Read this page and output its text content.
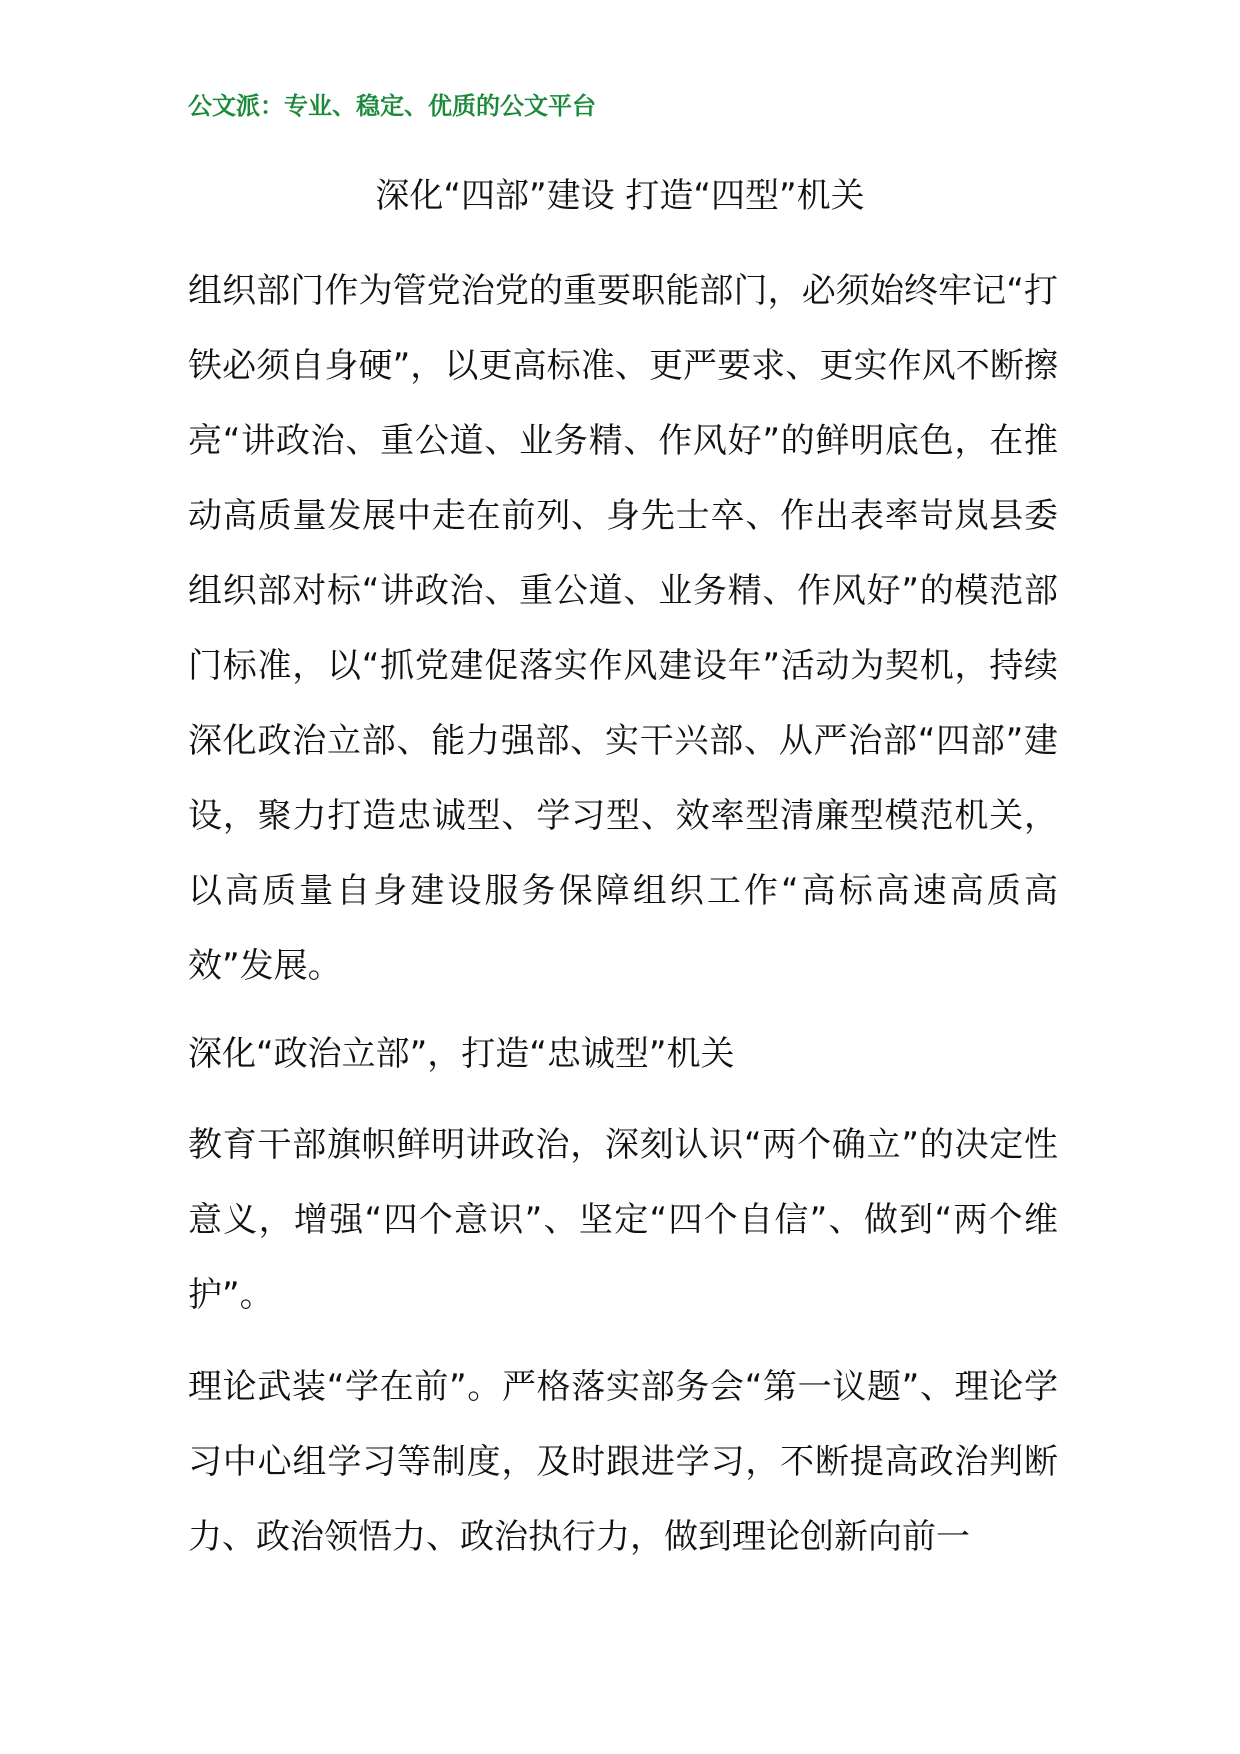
公文派：专业、稳定、优质的公文平台
深化“四部”建设 打造“四型”机关

组织部门作为管党治党的重要职能部门，必须始终牢记“打铁必须自身硬”，以更高标准、更严要求、更实作风不断擦亮“讲政治、重公道、业务精、作风好”的鲜明底色，在推动高质量发展中走在前列、身先士卒、作出表率岢岚县委组织部对标“讲政治、重公道、业务精、作风好”的模范部门标准，以“抓党建促落实作风建设年”活动为契机，持续深化政治立部、能力强部、实干兴部、从严治部“四部”建设，聚力打造忠诚型、学习型、效率型清廉型模范机关，以高质量自身建设服务保障组织工作“高标高速高质高效”发展。

深化“政治立部”，打造“忠诚型”机关

教育干部旗帜鲜明讲政治，深刻认识“两个确立”的决定性意义，增强“四个意识”、坚定“四个自信”、做到“两个维护”。

理论武装“学在前”。严格落实部务会“第一议题”、理论学习中心组学习等制度，及时跟进学习，不断提高政治判断力、政治领悟力、政治执行力，做到理论创新向前一
